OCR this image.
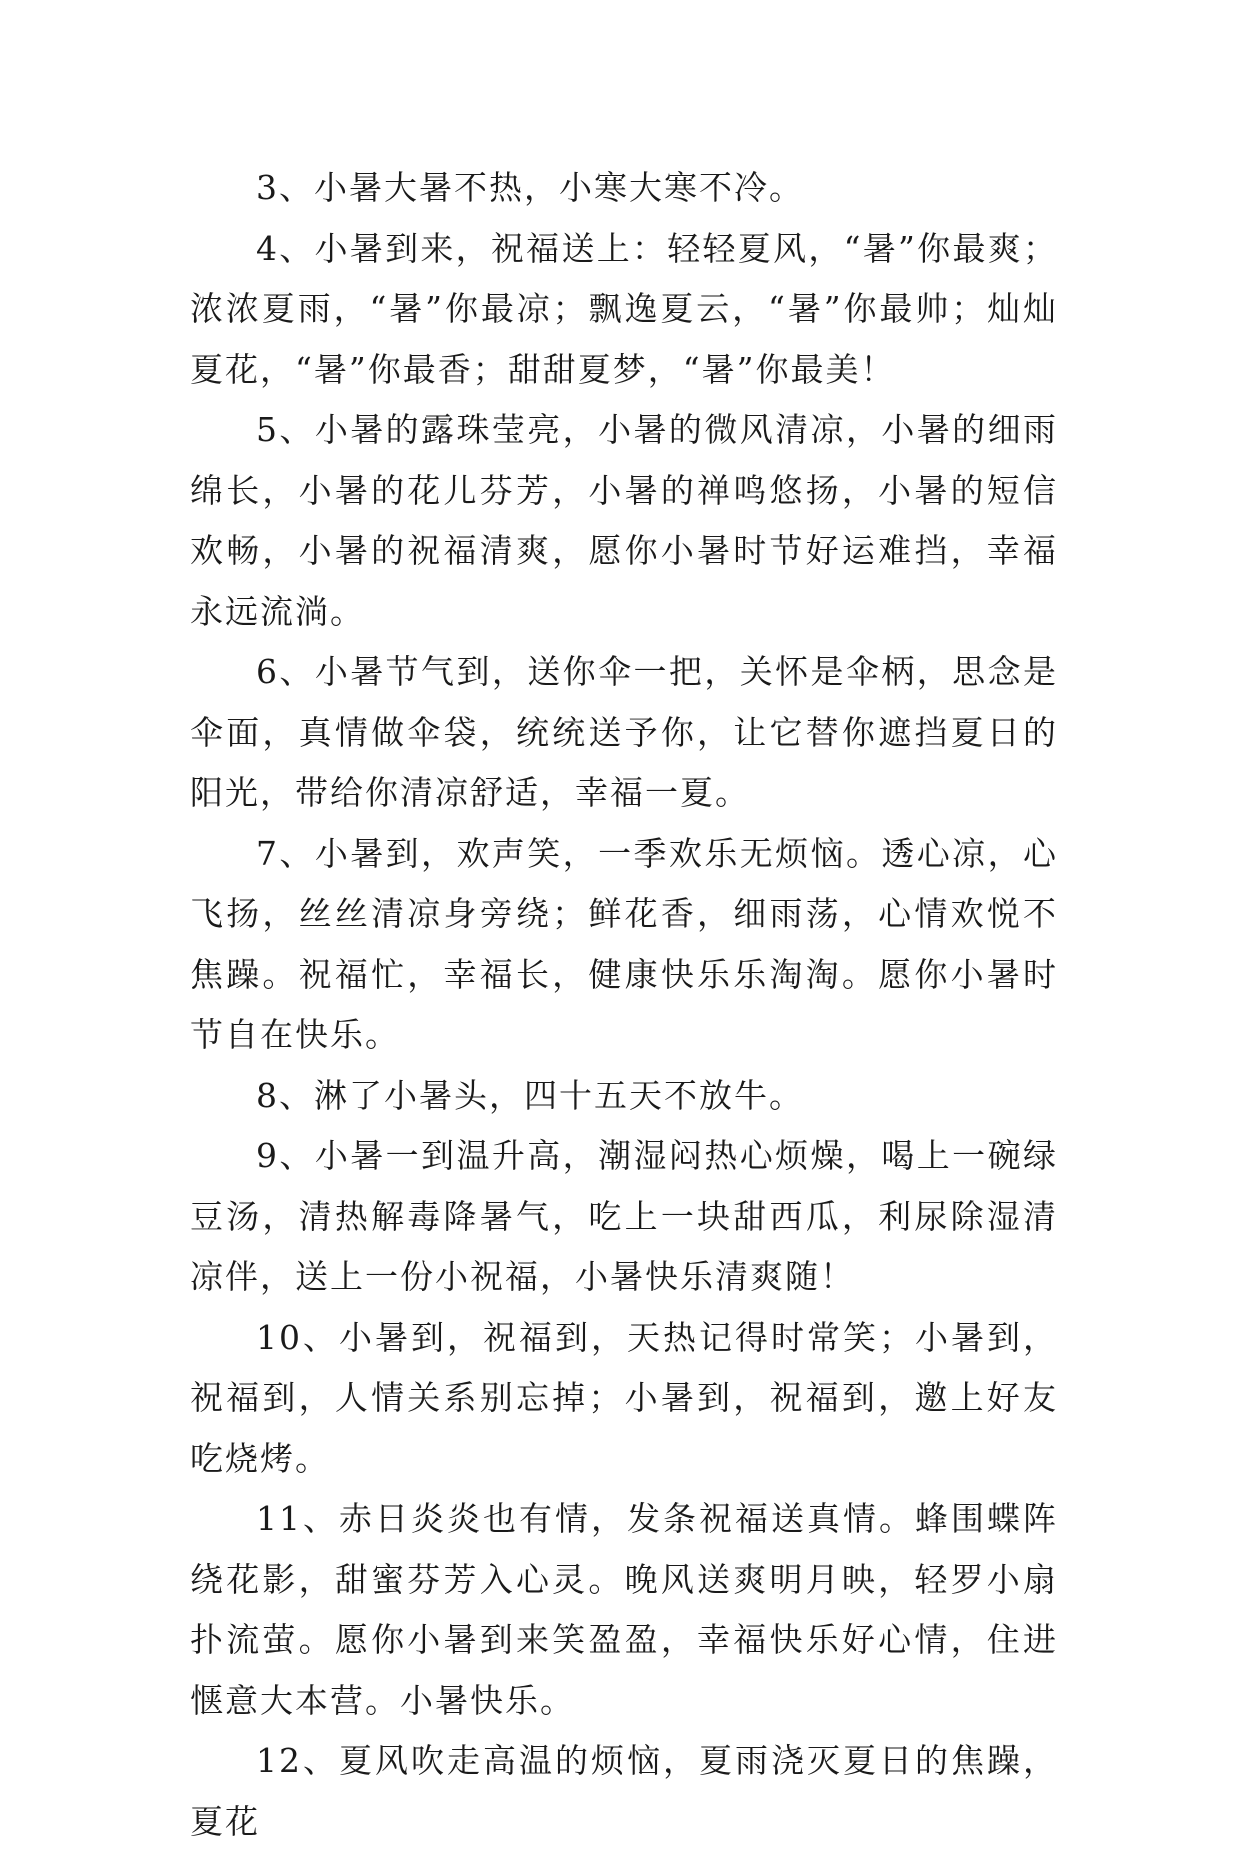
3、小暑大暑不热，小寒大寒不冷。

4、小暑到来，祝福送上：轻轻夏风，“暑”你最爽；浓浓夏雨，“暑”你最凉；飘逸夏云，“暑”你最帅；灿灿夏花，“暑”你最香；甜甜夏梦，“暑”你最美！

5、小暑的露珠莹亮，小暑的微风清凉，小暑的细雨绵长，小暑的花儿芬芳，小暑的禅鸣悠扬，小暑的短信欢畅，小暑的祝福清爽，愿你小暑时节好运难挡，幸福永远流淌。

6、小暑节气到，送你伞一把，关怀是伞柄，思念是伞面，真情做伞袋，统统送予你，让它替你遮挡夏日的阳光，带给你清凉舒适，幸福一夏。

7、小暑到，欢声笑，一季欢乐无烦恼。透心凉，心飞扬，丝丝清凉身旁绕；鲜花香，细雨荡，心情欢悦不焦躁。祝福忙，幸福长，健康快乐乐淘淘。愿你小暑时节自在快乐。

8、淋了小暑头，四十五天不放牛。

9、小暑一到温升高，潮湿闷热心烦燥，喝上一碗绿豆汤，清热解毒降暑气，吃上一块甜西瓜，利尿除湿清凉伴，送上一份小祝福，小暑快乐清爽随！

10、小暑到，祝福到，天热记得时常笑；小暑到，祝福到，人情关系别忘掉；小暑到，祝福到，邀上好友吃烧烤。

11、赤日炎炎也有情，发条祝福送真情。蜂围蝶阵绕花影，甜蜜芬芳入心灵。晚风送爽明月映，轻罗小扇扑流萤。愿你小暑到来笑盈盈，幸福快乐好心情，住进惬意大本营。小暑快乐。

12、夏风吹走高温的烦恼，夏雨浇灭夏日的焦躁，夏花
